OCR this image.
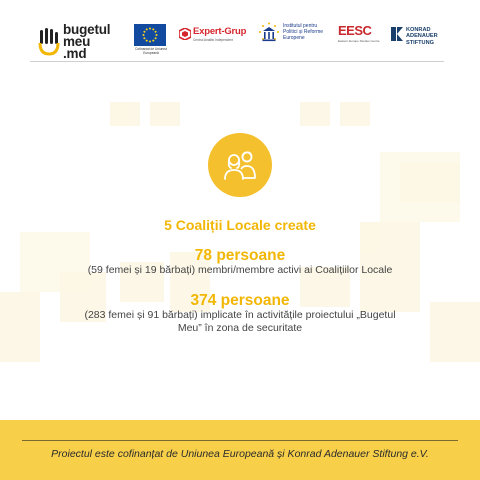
bugetul
meu
.md	Cofinanțat de Uniunea Europeană
Expert-Grup
Centrul Analitic Independent
Institutul pentru Politici și Reforme Europene	EESC
Eastern Europe Studies Centre
KONRAD
ADENAUER
STIFTUNG
5 Coaliții Locale create
78 persoane
(59 femei și 19 bărbați) membri/membre activi ai Coalițiilor Locale
374 persoane
(283 femei și 91 bărbați) implicate în activitățile proiectului „Bugetul Meu” în zona de securitate
Proiectul este cofinanțat de Uniunea Europeană și Konrad Adenauer Stiftung e.V.
